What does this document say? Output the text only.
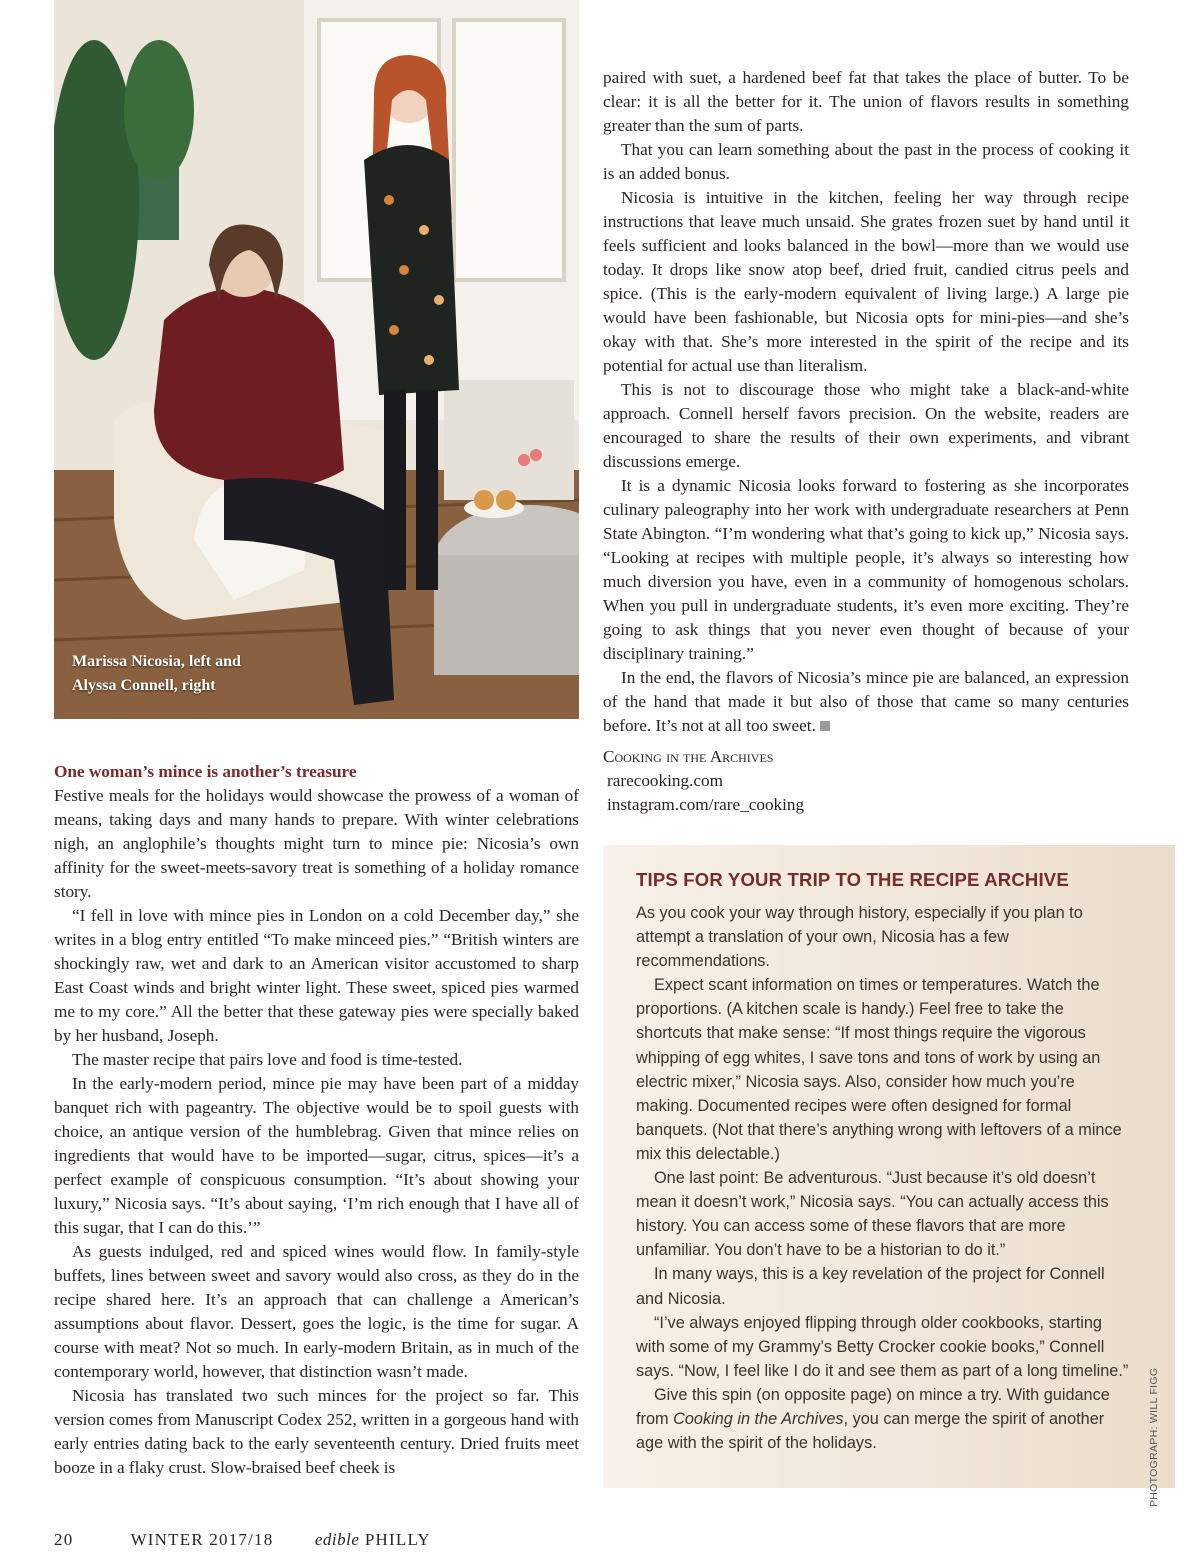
Marissa Nicosia, left and
Alyssa Connell, right

One woman’s mince is another’s treasure

Festive meals for the holidays would showcase the prowess of a woman of means, taking days and many hands to prepare. With winter celebrations nigh, an anglophile’s thoughts might turn to mince pie: Nicosia’s own affinity for the sweet-meets-savory treat is something of a holiday romance story.

“I fell in love with mince pies in London on a cold December day,” she writes in a blog entry entitled “To make minceed pies.” “British winters are shockingly raw, wet and dark to an American visitor accustomed to sharp East Coast winds and bright winter light. These sweet, spiced pies warmed me to my core.” All the better that these gateway pies were specially baked by her husband, Joseph.

The master recipe that pairs love and food is time-tested.

In the early-modern period, mince pie may have been part of a midday banquet rich with pageantry. The objective would be to spoil guests with choice, an antique version of the humblebrag. Given that mince relies on ingredients that would have to be imported—sugar, citrus, spices—it’s a perfect example of conspicuous consumption. “It’s about showing your luxury,” Nicosia says. “It’s about saying, ‘I’m rich enough that I have all of this sugar, that I can do this.’”

As guests indulged, red and spiced wines would flow. In family-style buffets, lines between sweet and savory would also cross, as they do in the recipe shared here. It’s an approach that can challenge a American’s assumptions about flavor. Dessert, goes the logic, is the time for sugar. A course with meat? Not so much. In early-modern Britain, as in much of the contemporary world, however, that distinction wasn’t made.

Nicosia has translated two such minces for the project so far. This version comes from Manuscript Codex 252, written in a gorgeous hand with early entries dating back to the early seventeenth century. Dried fruits meet booze in a flaky crust. Slow-braised beef cheek is

paired with suet, a hardened beef fat that takes the place of butter. To be clear: it is all the better for it. The union of flavors results in something greater than the sum of parts.

That you can learn something about the past in the process of cooking it is an added bonus.

Nicosia is intuitive in the kitchen, feeling her way through recipe instructions that leave much unsaid. She grates frozen suet by hand until it feels sufficient and looks balanced in the bowl—more than we would use today. It drops like snow atop beef, dried fruit, candied citrus peels and spice. (This is the early-modern equivalent of living large.) A large pie would have been fashionable, but Nicosia opts for mini-pies—and she’s okay with that. She’s more interested in the spirit of the recipe and its potential for actual use than literalism.

This is not to discourage those who might take a black-and-white approach. Connell herself favors precision. On the website, readers are encouraged to share the results of their own experiments, and vibrant discussions emerge.

It is a dynamic Nicosia looks forward to fostering as she incorporates culinary paleography into her work with undergraduate researchers at Penn State Abington. “I’m wondering what that’s going to kick up,” Nicosia says. “Looking at recipes with multiple people, it’s always so interesting how much diversion you have, even in a community of homogenous scholars. When you pull in undergraduate students, it’s even more exciting. They’re going to ask things that you never even thought of because of your disciplinary training.”

In the end, the flavors of Nicosia’s mince pie are balanced, an expression of the hand that made it but also of those that came so many centuries before. It’s not at all too sweet.

Cooking in the Archives
rarecooking.com
instagram.com/rare_cooking
TIPS FOR YOUR TRIP TO THE RECIPE ARCHIVE

As you cook your way through history, especially if you plan to attempt a translation of your own, Nicosia has a few recommendations.

Expect scant information on times or temperatures. Watch the proportions. (A kitchen scale is handy.) Feel free to take the shortcuts that make sense: “If most things require the vigorous whipping of egg whites, I save tons and tons of work by using an electric mixer,” Nicosia says. Also, consider how much you’re making. Documented recipes were often designed for formal banquets. (Not that there’s anything wrong with leftovers of a mince mix this delectable.)

One last point: Be adventurous. “Just because it’s old doesn’t mean it doesn’t work,” Nicosia says. “You can actually access this history. You can access some of these flavors that are more unfamiliar. You don’t have to be a historian to do it.”

In many ways, this is a key revelation of the project for Connell and Nicosia.

“I’ve always enjoyed flipping through older cookbooks, starting with some of my Grammy’s Betty Crocker cookie books,” Connell says. “Now, I feel like I do it and see them as part of a long timeline.”

Give this spin (on opposite page) on mince a try. With guidance from Cooking in the Archives, you can merge the spirit of another age with the spirit of the holidays.	PHOTOGRAPH: WILL FIGG
20	WINTER 2017/18 edible PHILLY
